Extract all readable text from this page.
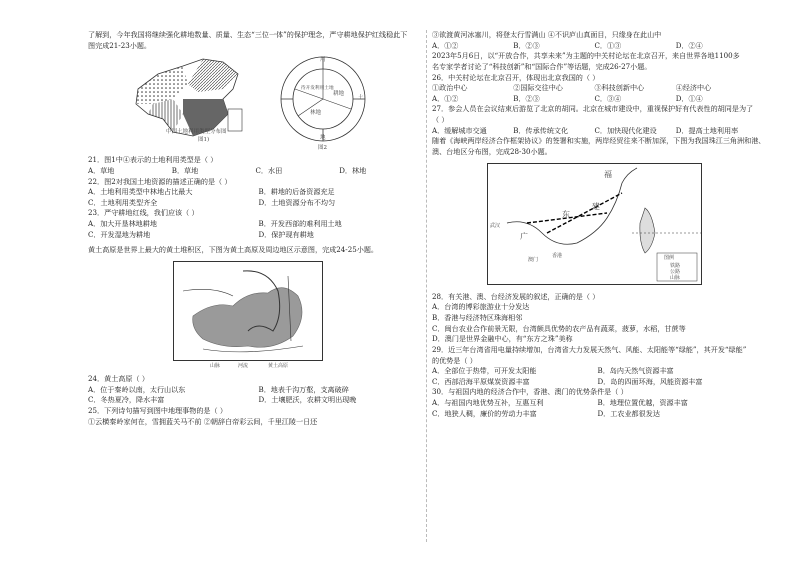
了解到，今年我国将继续强化耕地数量、质量、生态“三位一体”的保护理念，严守耕地保护红线稳此下

图完成21-23小题。

中国土地利用类型分布图
图1)
用
土
地
待开发利用土地
耕地
林地
图2

21．图1中④表示的土地利用类型是（ ）

A．草地	B．草地	C．水田	D．林地

22．图2对我国土地资源的描述正确的是（ ）

A．土地利用类型中林地占比最大	B．耕地的后备资源充足
C．土地利用类型齐全	D．土地资源分布不均匀

23．严守耕地红线，我们应该（ ）

A．加大开垦林地耕地	B．开发西部的难利用土地
C．开发湿地为耕地	D．保护现有耕地

黄土高原是世界上最大的黄土堆积区，下图为黄土高原及周边地区示意图，完成24-25小题。

山脉	河流	黄土高原

24．黄土高原（ ）

A．位于秦岭以南，太行山以东	B．地表千沟万壑，支离破碎
C．冬热夏冷，降水丰富	D．土壤肥沃，农耕文明出现晚

25．下列诗句描写到图中地理事物的是（ ）

①云横秦岭家何在，雪拥蓝关马不前 ②朝辞白帝彩云间，千里江陵一日还

③欲渡黄河冰塞川，将登太行雪满山 ④不识庐山真面目，只缘身在此山中

A．①②	B．②③	C．①③	D．②④

2023年5月6日，以“开放合作，共享未来”为主题的中关村论坛在北京召开，来自世界各地1100多

名专家学者讨论了“科技创新”和“国际合作”等话题，完成26-27小题。

26．中关村论坛在北京召开，体现出北京我国的（ ）

①政治中心	②国际交往中心	③科技创新中心	④经济中心
A．①②	B．②③	C．③④	D．①④

27．参会人员在会议结束后游览了北京的胡同。北京在城市建设中，重视保护好有代表性的胡同是为了（ ）

A．缓解城市交通	B．传承传统文化	C．加快现代化建设	D．提高土地利用率

随着《海峡两岸经济合作框架协议》的签署和实施，两岸经贸往来不断加深，下图为我国珠江三角洲和港、

澳、台地区分布图，完成28-30小题。

福
建
东
广
武汉
香港
澳门	图例
铁路
公路
山脉

28．有关港、澳、台经济发展的叙述，正确的是（ ）

A．台湾的博彩旅游业十分发达

B．香港与经济特区珠海相邻

C．闽台农业合作前景无限，台湾颇具优势的农产品有蔬菜，菠萝，水稻，甘蔗等

D．澳门是世界金融中心，有“东方之珠”美称

29．近三年台湾省用电量持续增加，台湾省大力发展天然气、风能、太阳能等“绿能”，其开发“绿能”

的优势是（ ）

A．全部位于热带，可开发太阳能	B．岛内天然气资源丰富
C．西部沿海平原煤炭资源丰富	D．岛的四面环海，风能资源丰富

30．与祖国内地的经济合作中，香港、澳门的优势条件是（ ）

A．与祖国内地优势互补，互惠互利	B．地理位置优越，资源丰富
C．地狭人稠，廉价的劳动力丰富	D．工农业都很发达
